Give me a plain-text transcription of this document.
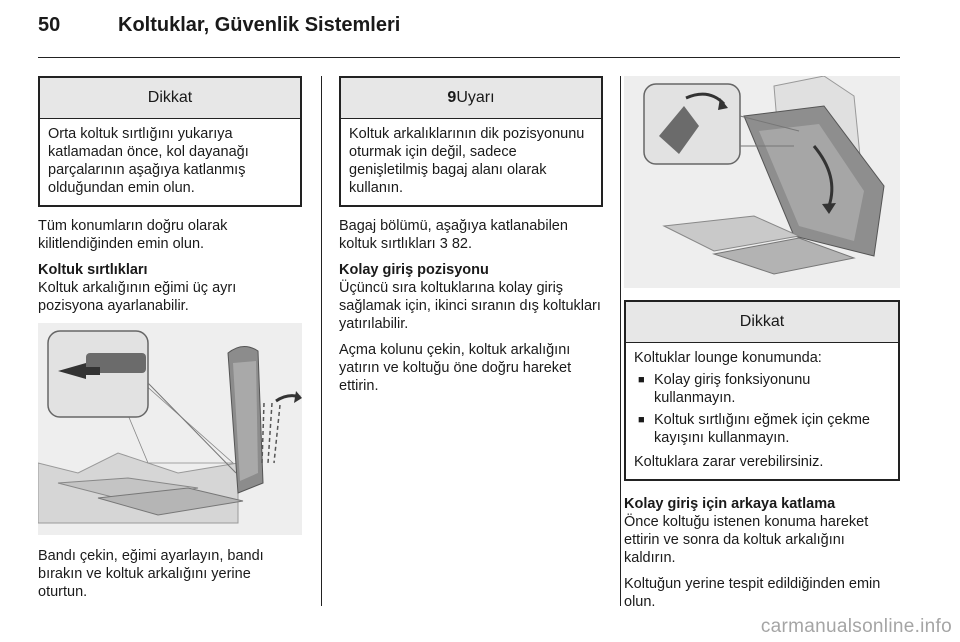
50	Koltuklar, Güvenlik Sistemleri
Dikkat

Orta koltuk sırtlığını yukarıya katlamadan önce, kol dayanağı parçalarının aşağıya katlanmış olduğundan emin olun.

Tüm konumların doğru olarak kilitlendiğinden emin olun.

Koltuk sırtlıkları
Koltuk arkalığının eğimi üç ayrı pozisyona ayarlanabilir.

Bandı çekin, eğimi ayarlayın, bandı bırakın ve koltuk arkalığını yerine oturtun.

9Uyarı

Koltuk arkalıklarının dik pozisyonunu oturmak için değil, sadece genişletilmiş bagaj alanı olarak kullanın.

Bagaj bölümü, aşağıya katlanabilen koltuk sırtlıkları 3 82.

Kolay giriş pozisyonu
Üçüncü sıra koltuklarına kolay giriş sağlamak için, ikinci sıranın dış koltukları yatırılabilir.

Açma kolunu çekin, koltuk arkalığını yatırın ve koltuğu öne doğru hareket ettirin.

Dikkat

Koltuklar lounge konumunda:

■ Kolay giriş fonksiyonunu kullanmayın.
■ Koltuk sırtlığını eğmek için çekme kayışını kullanmayın.

Koltuklara zarar verebilirsiniz.

Kolay giriş için arkaya katlama
Önce koltuğu istenen konuma hareket ettirin ve sonra da koltuk arkalığını kaldırın.

Koltuğun yerine tespit edildiğinden emin olun.

carmanualsonline.info
